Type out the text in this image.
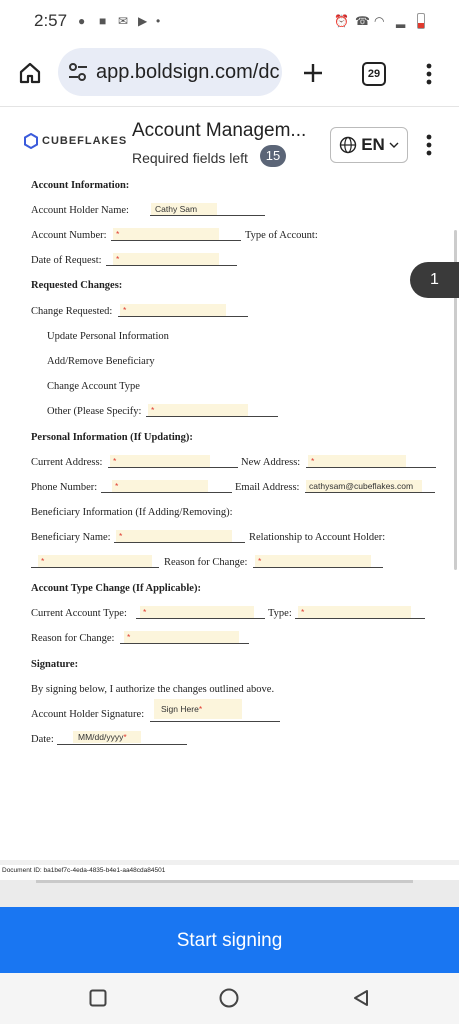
2:57 ● ■ ✉ ▶ •	⏰ ☎ ◠ ▂
app.boldsign.com/dc	29
CUBEFLAKES Account Managem...
Required fields left	15
EN
Account Information:
Account Holder Name:	Cathy Sam
Account Number:	*	Type of Account:
Date of Request:	*
Requested Changes:
Change Requested:	*
Update Personal Information
Add/Remove Beneficiary
Change Account Type
Other (Please Specify:	*
Personal Information (If Updating):
Current Address:	*	New Address:	*
Phone Number:	*	Email Address:	cathysam@cubeflakes.com
Beneficiary Information (If Adding/Removing):
Beneficiary Name: *	Relationship to Account Holder:
*	Reason for Change:	*
Account Type Change (If Applicable):
Current Account Type:	*	Type:	*
Reason for Change:	*
Signature:
By signing below, I authorize the changes outlined above.
Account Holder Signature:	Sign Here*
Date:	MM/dd/yyyy*
1
Document ID: ba1bef7c-4eda-4835-b4e1-aa48cda84501
Start signing
